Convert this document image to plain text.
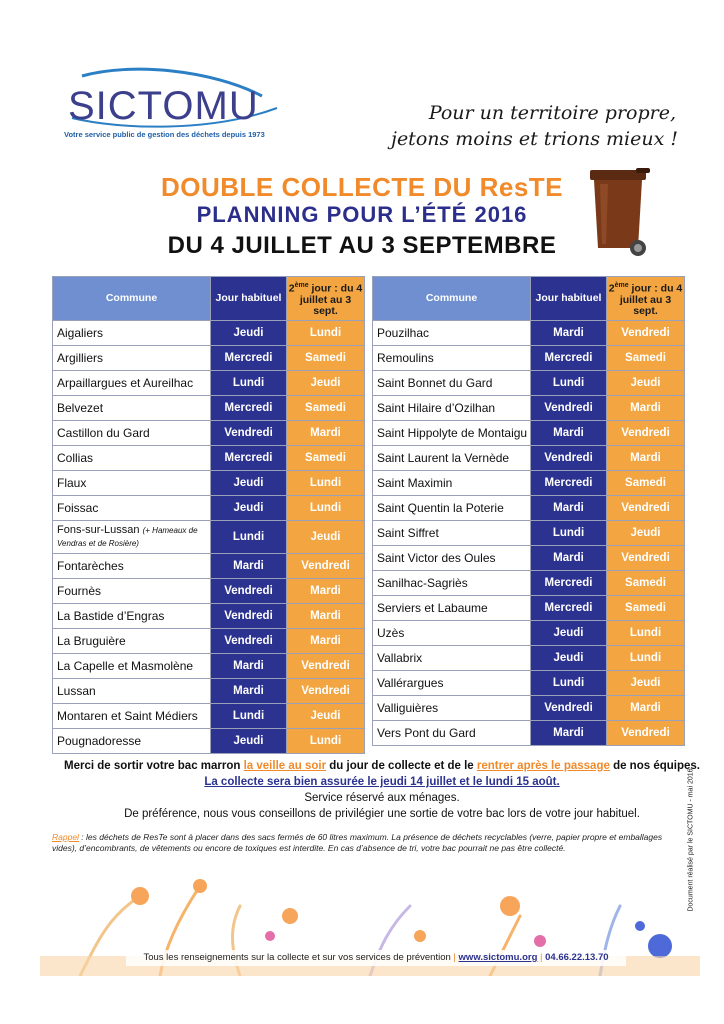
SICTOMU
Votre service public de gestion des déchets depuis 1973
Pour un territoire propre,
jetons moins et trions mieux !
DOUBLE COLLECTE DU ResTE
PLANNING POUR L’ÉTÉ 2016
DU 4 JUILLET AU 3 SEPTEMBRE
Commune	Jour habituel	2ème jour : du 4 juillet au 3 sept.
Aigaliers	Jeudi	Lundi
Argilliers	Mercredi	Samedi
Arpaillargues et Aureilhac	Lundi	Jeudi
Belvezet	Mercredi	Samedi
Castillon du Gard	Vendredi	Mardi
Collias	Mercredi	Samedi
Flaux	Jeudi	Lundi
Foissac	Jeudi	Lundi
Fons-sur-Lussan (+ Hameaux de Vendras et de Rosière)	Lundi	Jeudi
Fontarèches	Mardi	Vendredi
Fournès	Vendredi	Mardi
La Bastide d’Engras	Vendredi	Mardi
La Bruguière	Vendredi	Mardi
La Capelle et Masmolène	Mardi	Vendredi
Lussan	Mardi	Vendredi
Montaren et Saint Médiers	Lundi	Jeudi
Pougnadoresse	Jeudi	Lundi
Commune	Jour habituel	2ème jour : du 4 juillet au 3 sept.
Pouzilhac	Mardi	Vendredi
Remoulins	Mercredi	Samedi
Saint Bonnet du Gard	Lundi	Jeudi
Saint Hilaire d’Ozilhan	Vendredi	Mardi
Saint Hippolyte de Montaigu	Mardi	Vendredi
Saint Laurent la Vernède	Vendredi	Mardi
Saint Maximin	Mercredi	Samedi
Saint Quentin la Poterie	Mardi	Vendredi
Saint Siffret	Lundi	Jeudi
Saint Victor des Oules	Mardi	Vendredi
Sanilhac-Sagriès	Mercredi	Samedi
Serviers et Labaume	Mercredi	Samedi
Uzès	Jeudi	Lundi
Vallabrix	Jeudi	Lundi
Vallérargues	Lundi	Jeudi
Valliguières	Vendredi	Mardi
Vers Pont du Gard	Mardi	Vendredi

Merci de sortir votre bac marron la veille au soir du jour de collecte et de le rentrer après le passage de nos équipes.

La collecte sera bien assurée le jeudi 14 juillet et le lundi 15 août.

Service réservé aux ménages.

De préférence, nous vous conseillons de privilégier une sortie de votre bac lors de votre jour habituel.

Rappel : les déchets de ResTe sont à placer dans des sacs fermés de 60 litres maximum. La présence de déchets recyclables (verre, papier propre et emballages vides), d’encombrants, de vêtements ou encore de toxiques est interdite. En cas d’absence de tri, votre bac pourrait ne pas être collecté.	Document réalisé par le SICTOMU - mai 2016
Tous les renseignements sur la collecte et sur vos services de prévention | www.sictomu.org | 04.66.22.13.70
